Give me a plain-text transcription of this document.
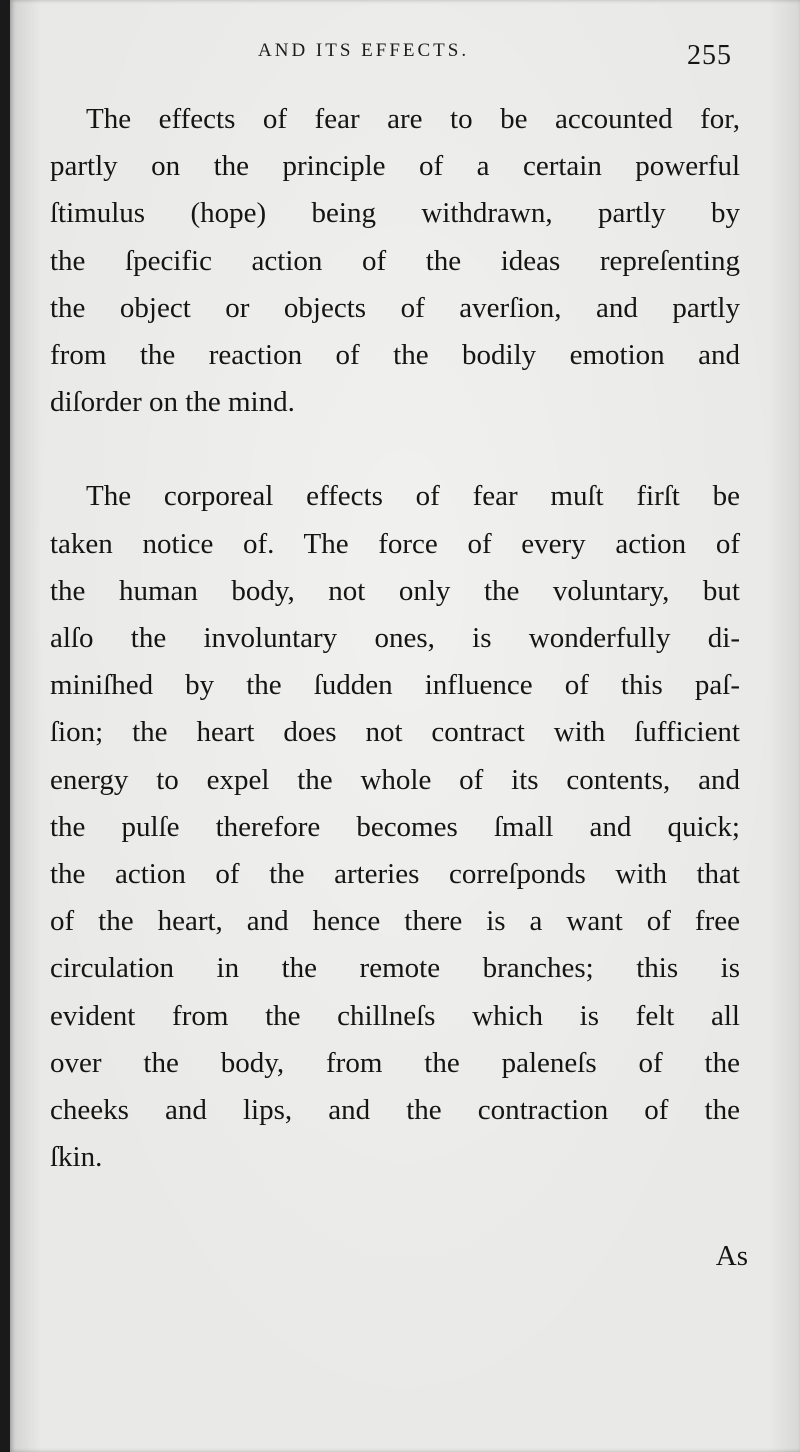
AND ITS EFFECTS.	255

The effects of fear are to be accounted for,
partly on the principle of a certain powerful
ſtimulus (hope) being withdrawn, partly by
the ſpecific action of the ideas repreſenting
the object or objects of averſion, and partly
from the reaction of the bodily emotion and
diſorder on the mind.

The corporeal effects of fear muſt firſt be
taken notice of. The force of every action of
the human body, not only the voluntary, but
alſo the involuntary ones, is wonderfully di-
miniſhed by the ſudden influence of this paſ-
ſion; the heart does not contract with ſufficient
energy to expel the whole of its contents, and
the pulſe therefore becomes ſmall and quick;
the action of the arteries correſponds with that
of the heart, and hence there is a want of free
circulation in the remote branches; this is
evident from the chillneſs which is felt all
over the body, from the paleneſs of the
cheeks and lips, and the contraction of the
ſkin.

As
